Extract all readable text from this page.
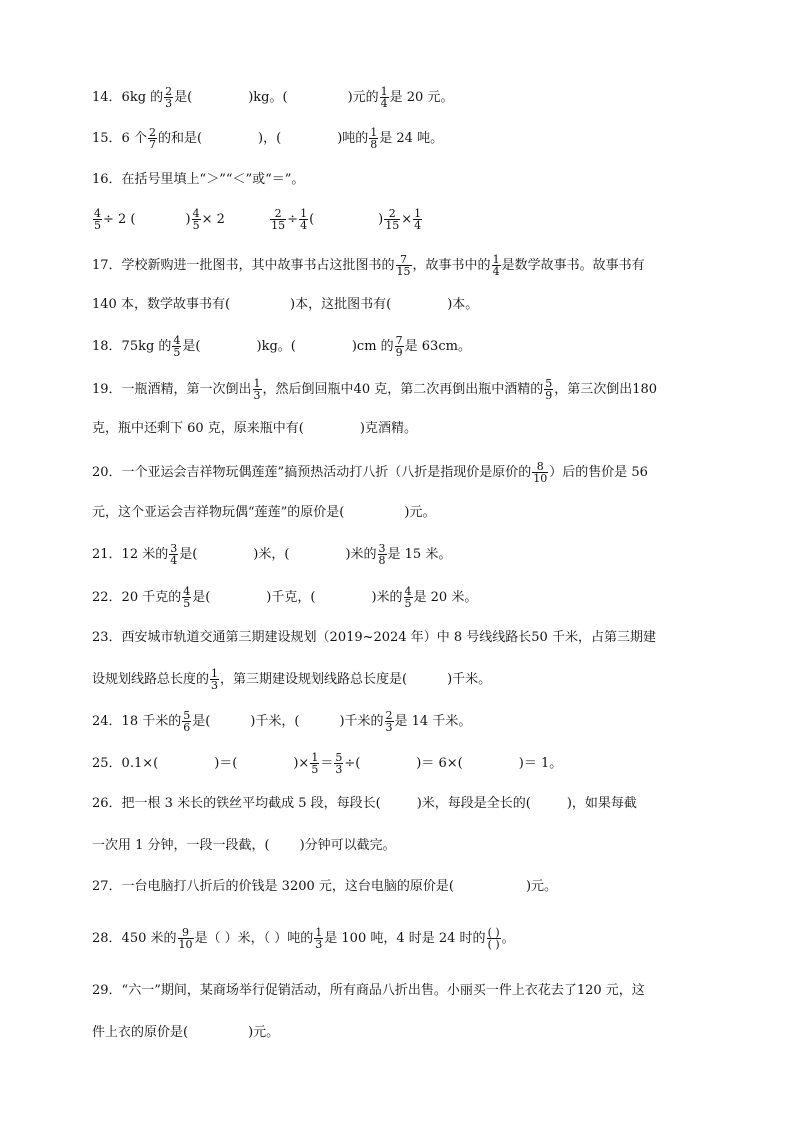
14．6kg 的 $\frac{2}{3}$ 是(	)kg。(	)元的 $\frac{1}{4}$ 是 20 元。
15．6 个 $\frac{2}{7}$ 的和是(	)，(	)吨的 $\frac{1}{8}$ 是 24 吨。
16．在括号里填上“＞”“＜”或“＝”。
$\frac{4}{5} \div 2$ (	) $\frac{4}{5} \times 2$	$\frac{2}{15} \div \frac{1}{4}$ (	) $\frac{2}{15} \times \frac{1}{4}$
17．学校新购进一批图书，其中故事书占这批图书的 $\frac{7}{15}$ ，故事书中的 $\frac{1}{4}$ 是数学故事书。故事书有
140 本，数学故事书有(	)本，这批图书有(	)本。
18．75kg 的 $\frac{4}{5}$ 是(	)kg。(	)cm 的 $\frac{7}{9}$ 是 63cm。
19．一瓶酒精，第一次倒出 $\frac{1}{3}$ ，然后倒回瓶中40 克，第二次再倒出瓶中酒精的 $\frac{5}{9}$ ，第三次倒出180
克，瓶中还剩下 60 克，原来瓶中有(	)克酒精。
20．一个亚运会吉祥物玩偶莲莲”搞预热活动打八折（八折是指现价是原价的 $\frac{8}{10}$ ）后的售价是 56
元，这个亚运会吉祥物玩偶“莲莲”的原价是(	)元。
21．12 米的 $\frac{3}{4}$ 是(	)米，(	)米的 $\frac{3}{8}$ 是 15 米。
22．20 千克的 $\frac{4}{5}$ 是(	)千克，(	)米的 $\frac{4}{5}$ 是 20 米。
23．西安城市轨道交通第三期建设规划（2019~2024 年）中 8 号线线路长50 千米，占第三期建
设规划线路总长度的 $\frac{1}{3}$ ，第三期建设规划线路总长度是(	)千米。
24．18 千米的 $\frac{5}{6}$ 是(	)千米，(	)千米的 $\frac{2}{3}$ 是 14 千米。
25．0.1×(	)＝(	)× $\frac{1}{5} = \frac{5}{3}$ ÷(	)＝ 6×(	)＝ 1。
26．把一根 3 米长的铁丝平均截成 5 段，每段长(	)米，每段是全长的(	)，如果每截
一次用 1 分钟，一段一段截，( )分钟可以截完。
27．一台电脑打八折后的价钱是 3200 元，这台电脑的原价是(	)元。
28．450 米的 $\frac{9}{10}$ 是（ ）米，（ ）吨的 $\frac{1}{3}$ 是 100 吨，4 时是 24 时的 $\frac{( )}{( )}$ 。
29．“六一”期间，某商场举行促销活动，所有商品八折出售。小丽买一件上衣花去了120 元，这
件上衣的原价是(	)元。
